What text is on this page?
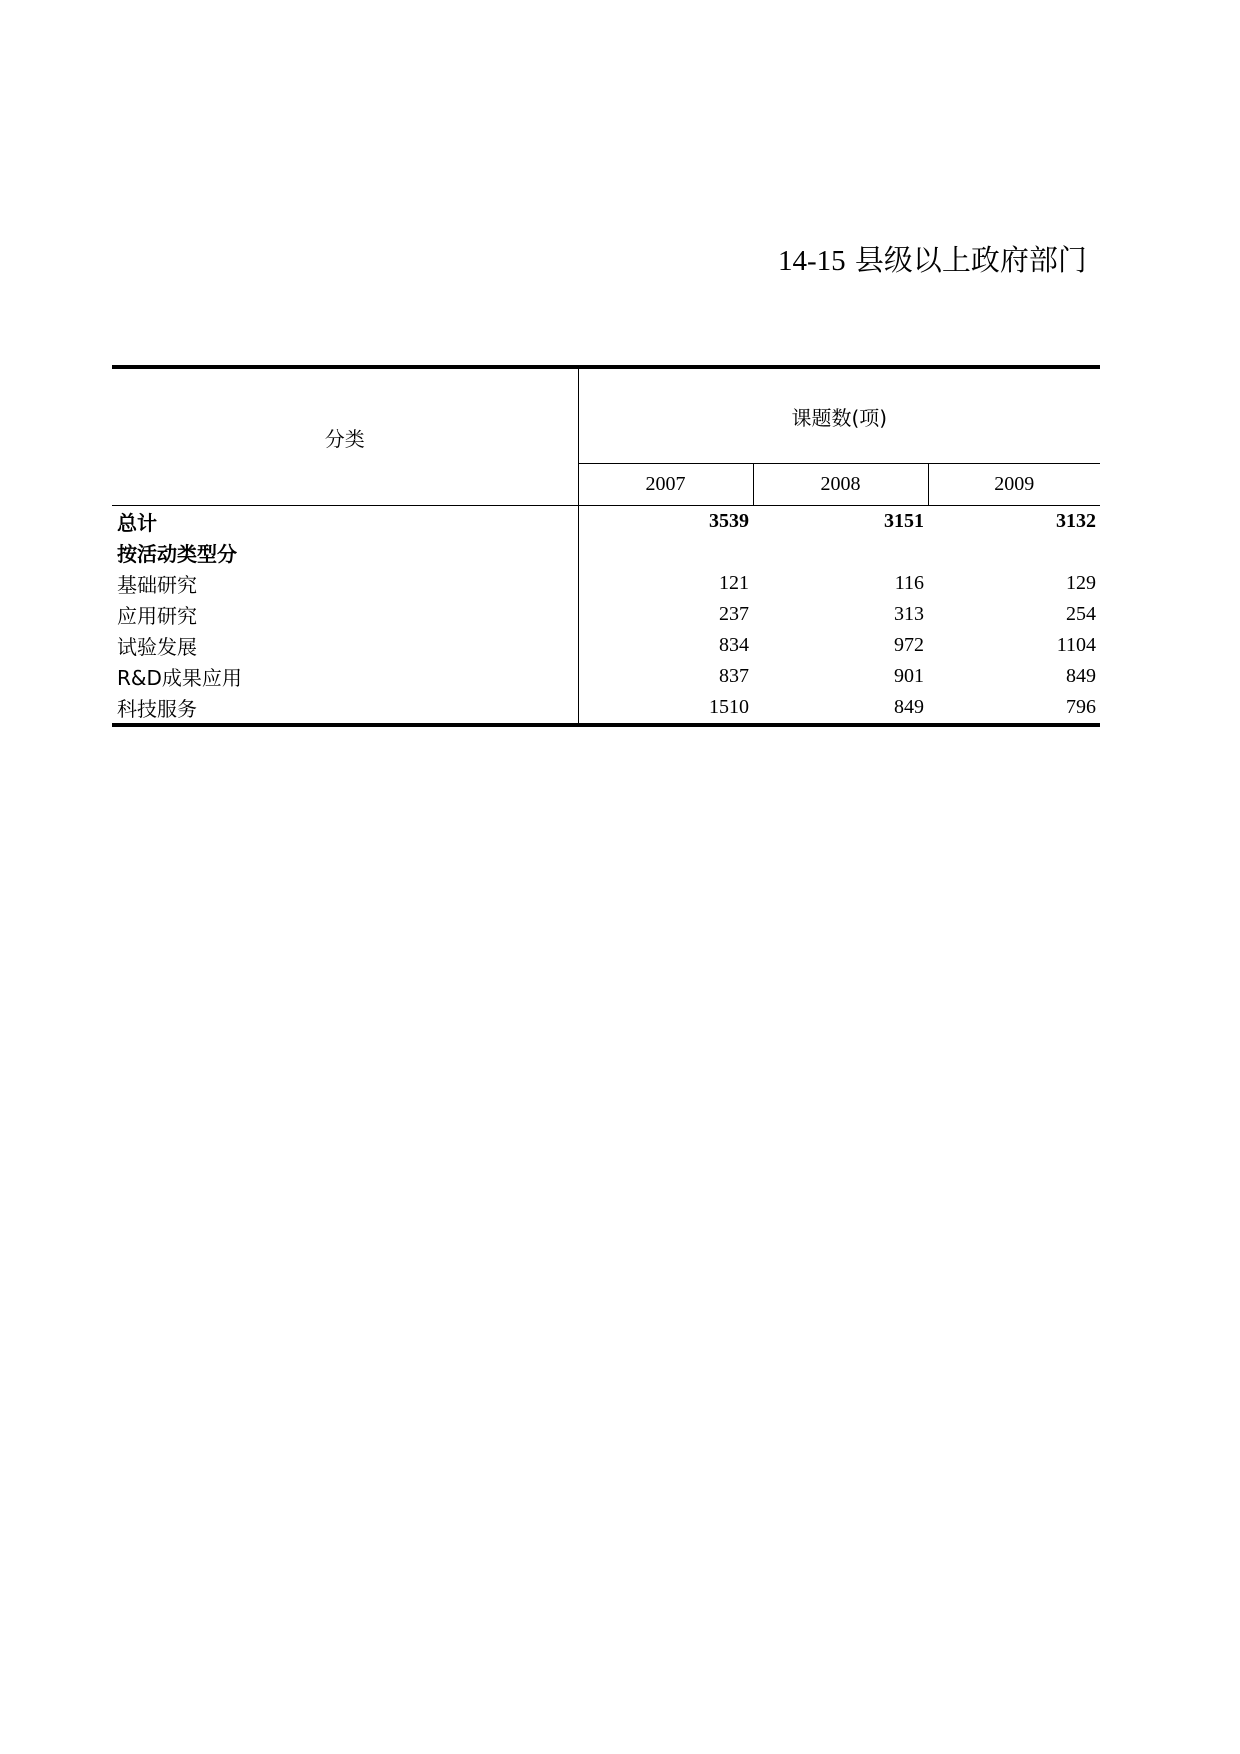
14-15 县级以上政府部门
分类	课题数(项)		
	2007	2008	2009
总计	3539	3151	3132
按活动类型分			
基础研究	121	116	129
应用研究	237	313	254
试验发展	834	972	1104
R&D成果应用	837	901	849
科技服务	1510	849	796
